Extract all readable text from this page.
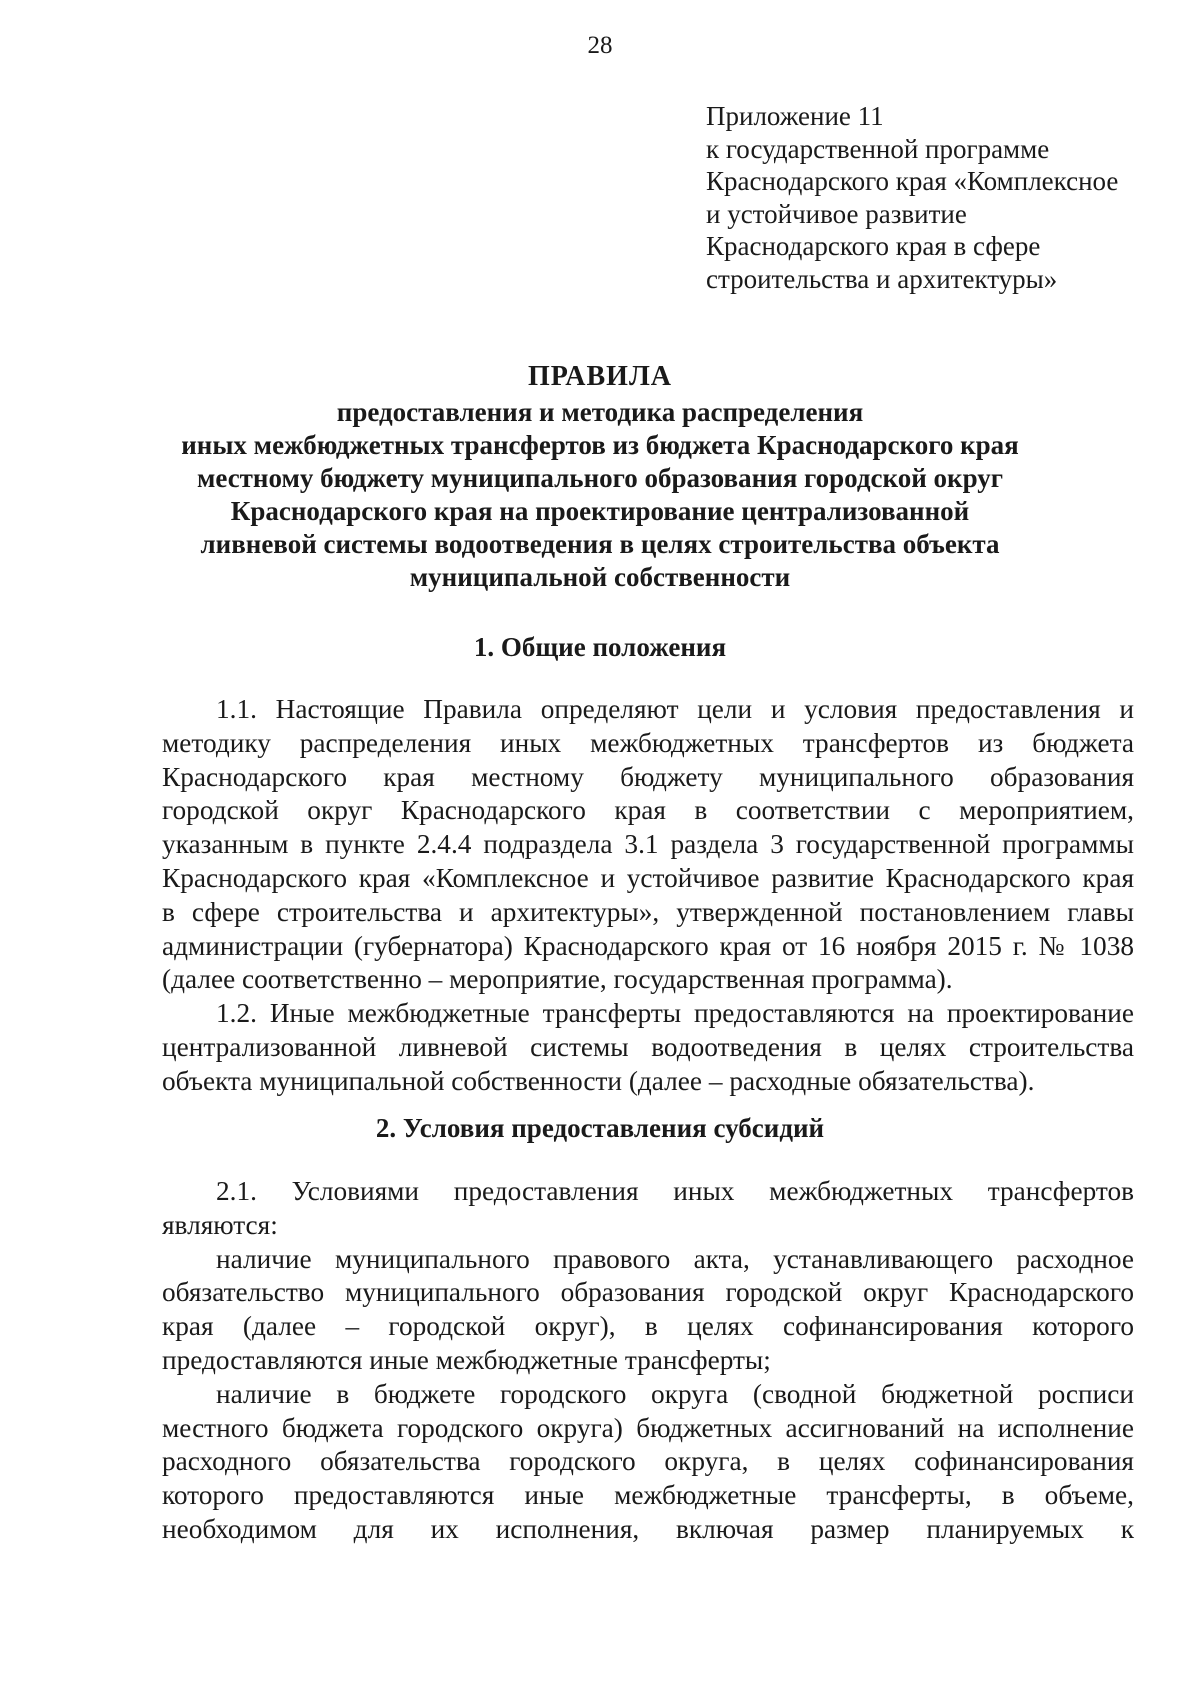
28
Приложение 11
к государственной программе
Краснодарского края «Комплексное
и устойчивое развитие
Краснодарского края в сфере
строительства и архитектуры»
ПРАВИЛА
предоставления и методика распределения
иных межбюджетных трансфертов из бюджета Краснодарского края
местному бюджету муниципального образования городской округ
Краснодарского края на проектирование централизованной
ливневой системы водоотведения в целях строительства объекта
муниципальной собственности
1. Общие положения
1.1. Настоящие Правила определяют цели и условия предоставления и
методику распределения иных межбюджетных трансфертов из бюджета
Краснодарского края местному бюджету муниципального образования
городской округ Краснодарского края в соответствии с мероприятием,
указанным в пункте 2.4.4 подраздела 3.1 раздела 3 государственной программы
Краснодарского края «Комплексное и устойчивое развитие Краснодарского края
в сфере строительства и архитектуры», утвержденной постановлением главы
администрации (губернатора) Краснодарского края от 16 ноября 2015 г. № 1038
(далее соответственно – мероприятие, государственная программа).
1.2. Иные межбюджетные трансферты предоставляются на проектирование
централизованной ливневой системы водоотведения в целях строительства
объекта муниципальной собственности (далее – расходные обязательства).
2. Условия предоставления субсидий
2.1. Условиями предоставления иных межбюджетных трансфертов
являются:
наличие муниципального правового акта, устанавливающего расходное
обязательство муниципального образования городской округ Краснодарского
края (далее – городской округ), в целях софинансирования которого
предоставляются иные межбюджетные трансферты;
наличие в бюджете городского округа (сводной бюджетной росписи
местного бюджета городского округа) бюджетных ассигнований на исполнение
расходного обязательства городского округа, в целях софинансирования
которого предоставляются иные межбюджетные трансферты, в объеме,
необходимом для их исполнения, включая размер планируемых к
